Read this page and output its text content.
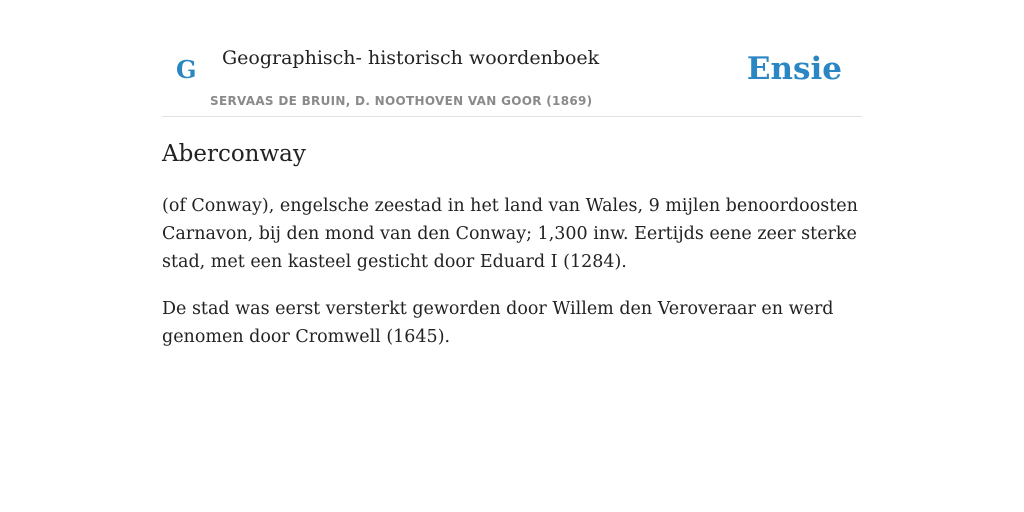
G Geographisch- historisch woordenboek
SERVAAS DE BRUIN, D. NOOTHOVEN VAN GOOR (1869)
Ensie
Aberconway

(of Conway), engelsche zeestad in het land van Wales, 9 mijlen benoordoosten Carnavon, bij den mond van den Conway; 1,300 inw. Eertijds eene zeer sterke stad, met een kasteel gesticht door Eduard I (1284).

De stad was eerst versterkt geworden door Willem den Veroveraar en werd genomen door Cromwell (1645).
